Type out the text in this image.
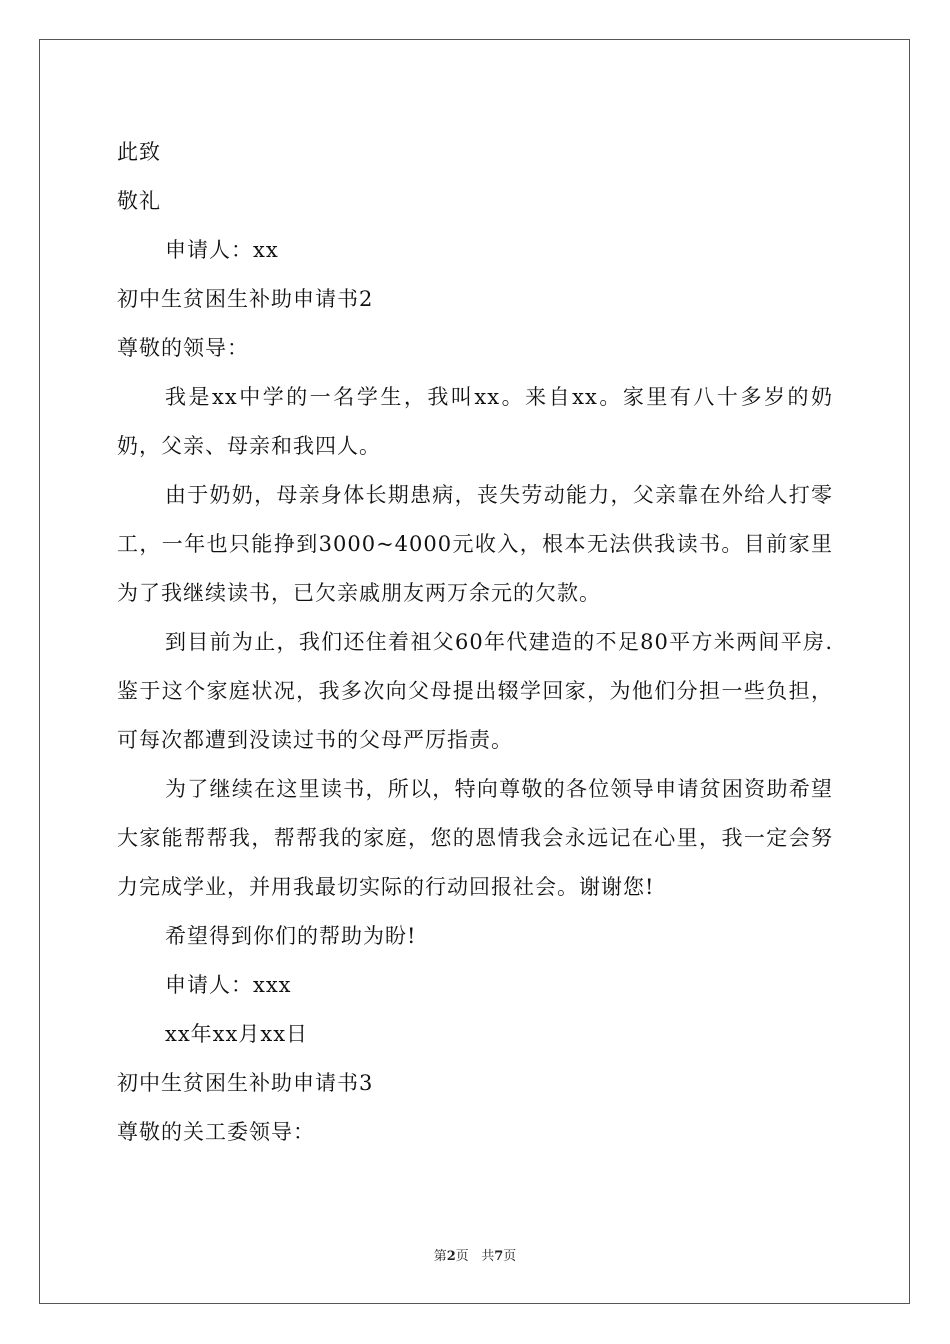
此致
敬礼
申请人：xx
初中生贫困生补助申请书2
尊敬的领导：

我是xx中学的一名学生，我叫xx。来自xx。家里有八十多岁的奶奶，父亲、母亲和我四人。

由于奶奶，母亲身体长期患病，丧失劳动能力，父亲靠在外给人打零工，一年也只能挣到3000~4000元收入，根本无法供我读书。目前家里为了我继续读书，已欠亲戚朋友两万余元的欠款。

到目前为止，我们还住着祖父60年代建造的不足80平方米两间平房.鉴于这个家庭状况，我多次向父母提出辍学回家，为他们分担一些负担，可每次都遭到没读过书的父母严厉指责。

为了继续在这里读书，所以，特向尊敬的各位领导申请贫困资助希望大家能帮帮我，帮帮我的家庭，您的恩情我会永远记在心里，我一定会努力完成学业，并用我最切实际的行动回报社会。谢谢您!

希望得到你们的帮助为盼!
申请人：xxx
xx年xx月xx日
初中生贫困生补助申请书3
尊敬的关工委领导：
第2页 共7页
